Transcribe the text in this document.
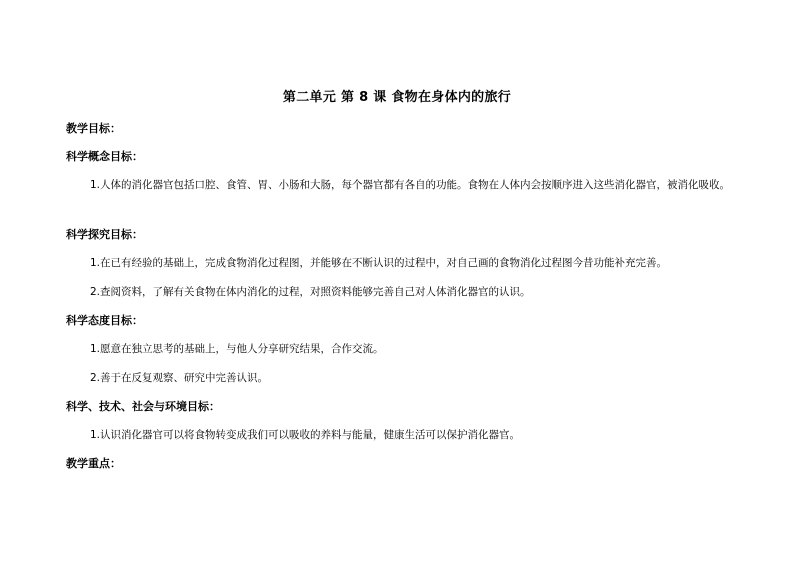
第二单元 第 8 课 食物在身体内的旅行
教学目标：
科学概念目标：
1.人体的消化器官包括口腔、食管、胃、小肠和大肠，每个器官都有各自的功能。食物在人体内会按顺序进入这些消化器官，被消化吸收。
科学探究目标：
1.在已有经验的基础上，完成食物消化过程图，并能够在不断认识的过程中，对自己画的食物消化过程图今昔功能补充完善。
2.查阅资料，了解有关食物在体内消化的过程，对照资料能够完善自己对人体消化器官的认识。
科学态度目标：
1.愿意在独立思考的基础上，与他人分享研究结果，合作交流。
2.善于在反复观察、研究中完善认识。
科学、技术、社会与环境目标：
1.认识消化器官可以将食物转变成我们可以吸收的养料与能量，健康生活可以保护消化器官。
教学重点：
